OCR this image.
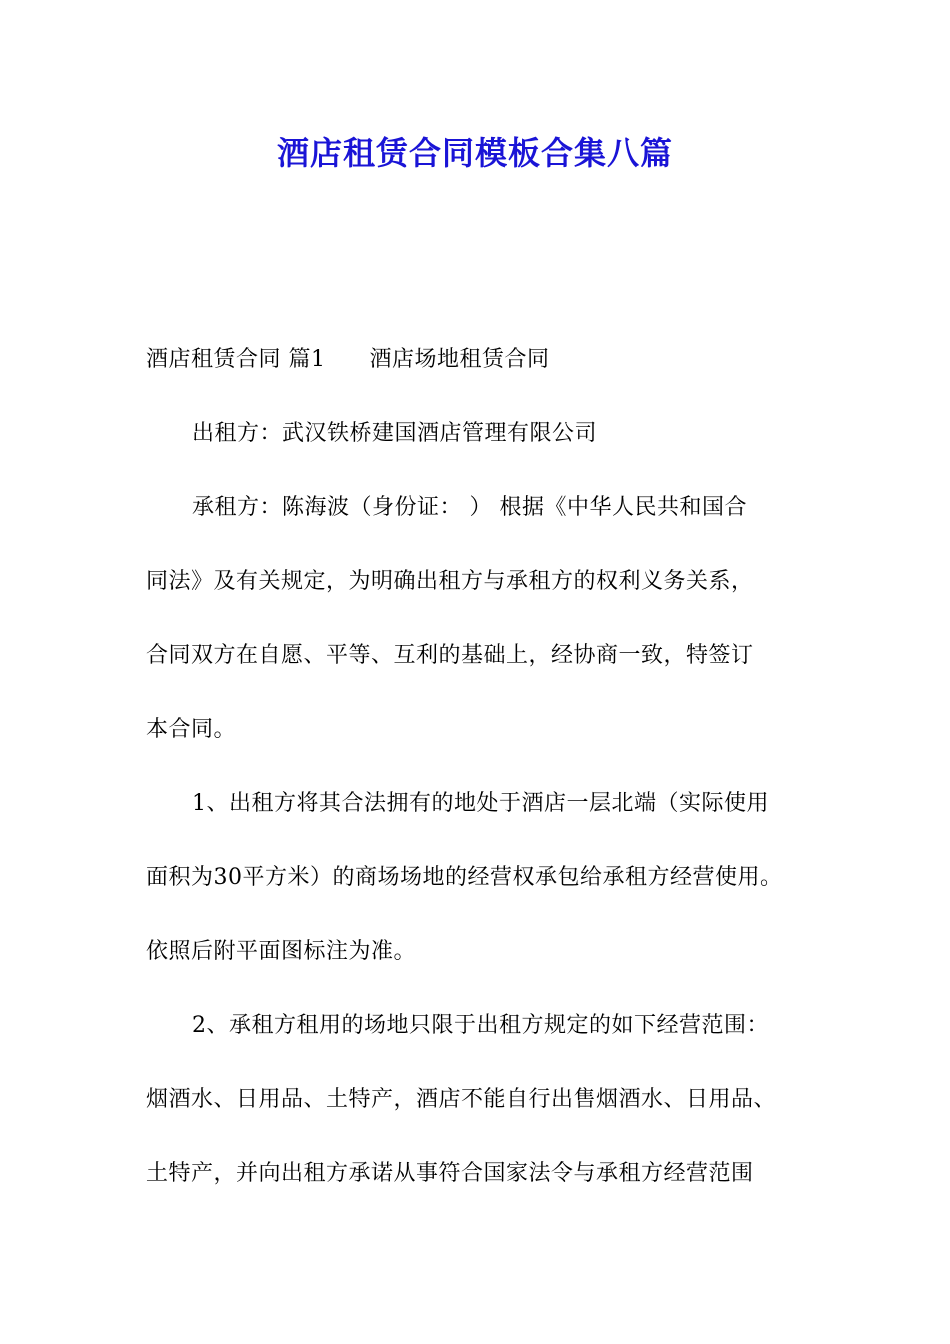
酒店租赁合同模板合集八篇
酒店租赁合同 篇1 酒店场地租赁合同
出租方：武汉铁桥建国酒店管理有限公司
承租方：陈海波（身份证： ） 根据《中华人民共和国合
同法》及有关规定，为明确出租方与承租方的权利义务关系，
合同双方在自愿、平等、互利的基础上，经协商一致，特签订
本合同。
1、出租方将其合法拥有的地处于酒店一层北端（实际使用
面积为30平方米）的商场场地的经营权承包给承租方经营使用。
依照后附平面图标注为准。
2、承租方租用的场地只限于出租方规定的如下经营范围：
烟酒水、日用品、土特产，酒店不能自行出售烟酒水、日用品、
土特产，并向出租方承诺从事符合国家法令与承租方经营范围
